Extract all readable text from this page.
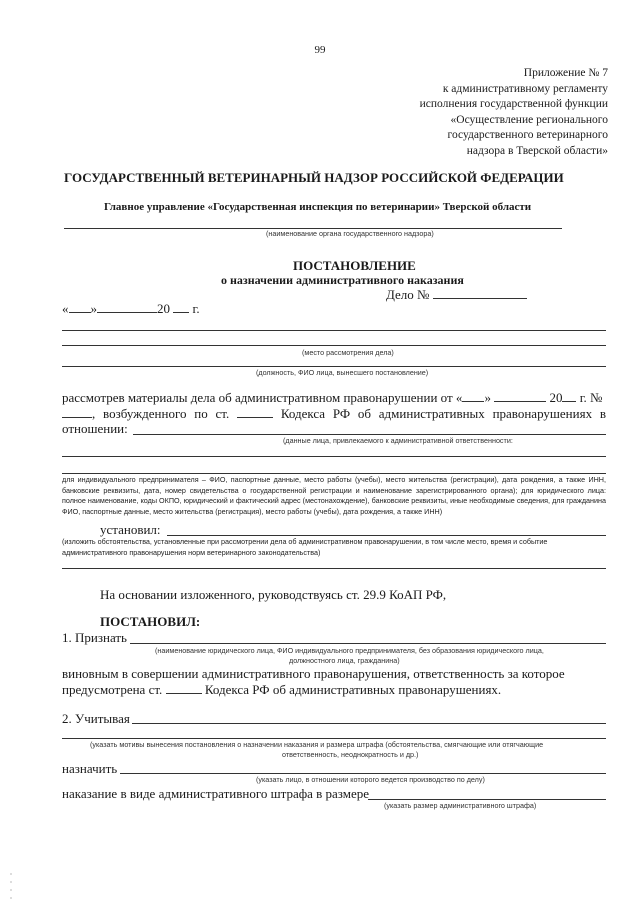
99
Приложение № 7
к административному регламенту
исполнения государственной функции
«Осуществление регионального
государственного ветеринарного
надзора в Тверской области»
ГОСУДАРСТВЕННЫЙ ВЕТЕРИНАРНЫЙ НАДЗОР РОССИЙСКОЙ ФЕДЕРАЦИИ
Главное управление «Государственная инспекция по ветеринарии» Тверской области
(наименование органа государственного надзора)
ПОСТАНОВЛЕНИЕ
о назначении административного наказания
Дело №
« »	20 г.
(место рассмотрения дела)
(должность, ФИО лица, вынесшего постановление)
рассмотрев материалы дела об административном правонарушении от « »	20 г. №
, возбужденного по ст.	Кодекса РФ об административных правонарушениях в
отношении:
(данные лица, привлекаемого к административной ответственности:
для индивидуального предпринимателя – ФИО, паспортные данные, место работы (учебы), место жительства (регистрации), дата рождения, а также ИНН, банковские реквизиты, дата, номер свидетельства о государственной регистрации и наименование зарегистрированного органа); для юридического лица: полное наименование, коды ОКПО, юридический и фактический адрес (местонахождение), банковские реквизиты, иные необходимые сведения, для гражданина ФИО, паспортные данные, место жительства (регистрация), место работы (учебы), дата рождения, а также ИНН)
установил:
(изложить обстоятельства, установленные при рассмотрении дела об административном правонарушении, в том числе место, время и событие административного правонарушения норм ветеринарного законодательства)
На основании изложенного, руководствуясь ст. 29.9 КоАП РФ,
ПОСТАНОВИЛ:
1. Признать
(наименование юридического лица, ФИО индивидуального предпринимателя, без образования юридического лица,
должностного лица, гражданина)
виновным в совершении административного правонарушения, ответственность за которое
предусмотрена ст.	Кодекса РФ об административных правонарушениях.
2. Учитывая
(указать мотивы вынесения постановления о назначении наказания и размера штрафа (обстоятельства, смягчающие или отягчающие
ответственность, неоднократность и др.)
назначить
(указать лицо, в отношении которого ведется производство по делу)
наказание в виде административного штрафа в размере
(указать размер административного штрафа)
